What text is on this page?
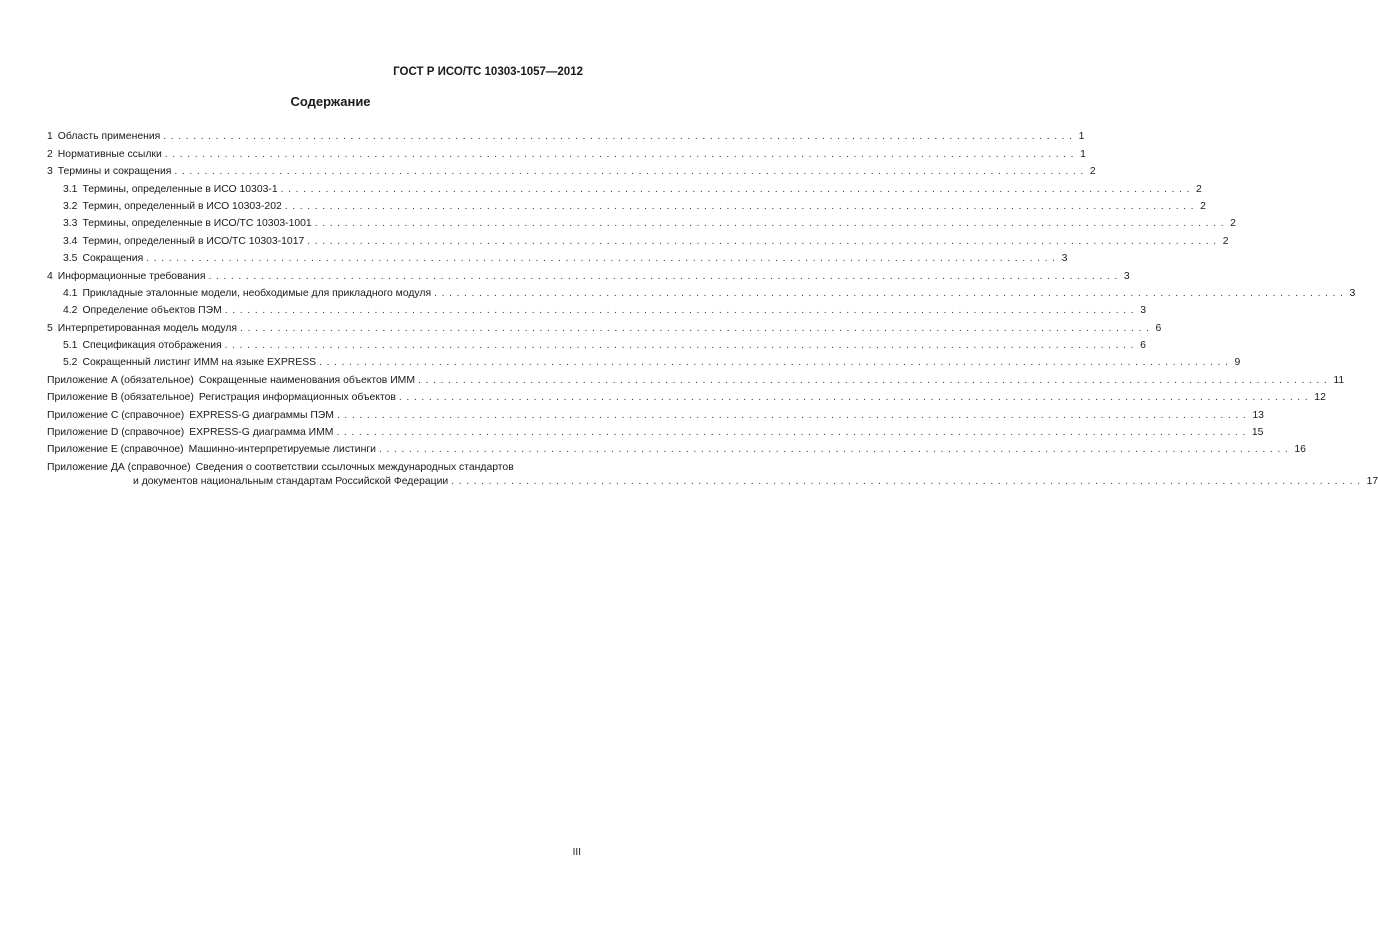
ГОСТ Р ИСО/ТС 10303-1057—2012
Содержание
1 Область применения .......................................................................................................................... 1
2 Нормативные ссылки .......................................................................................................................... 1
3 Термины и сокращения .......................................................................................................................... 2
3.1 Термины, определенные в ИСО 10303-1 .......................................................................................................................... 2
3.2 Термин, определенный в ИСО 10303-202 .......................................................................................................................... 2
3.3 Термины, определенные в ИСО/ТС 10303-1001 .......................................................................................................................... 2
3.4 Термин, определенный в ИСО/ТС 10303-1017 .......................................................................................................................... 2
3.5 Сокращения .......................................................................................................................... 3
4 Информационные требования .......................................................................................................................... 3
4.1 Прикладные эталонные модели, необходимые для прикладного модуля .......................................................................................................................... 3
4.2 Определение объектов ПЭМ .......................................................................................................................... 3
5 Интерпретированная модель модуля .......................................................................................................................... 6
5.1 Спецификация отображения .......................................................................................................................... 6
5.2 Сокращенный листинг ИММ на языке EXPRESS .......................................................................................................................... 9
Приложение А (обязательное) Сокращенные наименования объектов ИММ .......................................................................................................................... 11
Приложение В (обязательное) Регистрация информационных объектов .......................................................................................................................... 12
Приложение С (справочное) EXPRESS-G диаграммы ПЭМ .......................................................................................................................... 13
Приложение D (справочное) EXPRESS-G диаграмма ИММ .......................................................................................................................... 15
Приложение Е (справочное) Машинно-интерпретируемые листинги .......................................................................................................................... 16
Приложение ДА (справочное) Сведения о соответствии ссылочных международных стандартов
и документов национальным стандартам Российской Федерации .......................................................................................................................... 17
III
